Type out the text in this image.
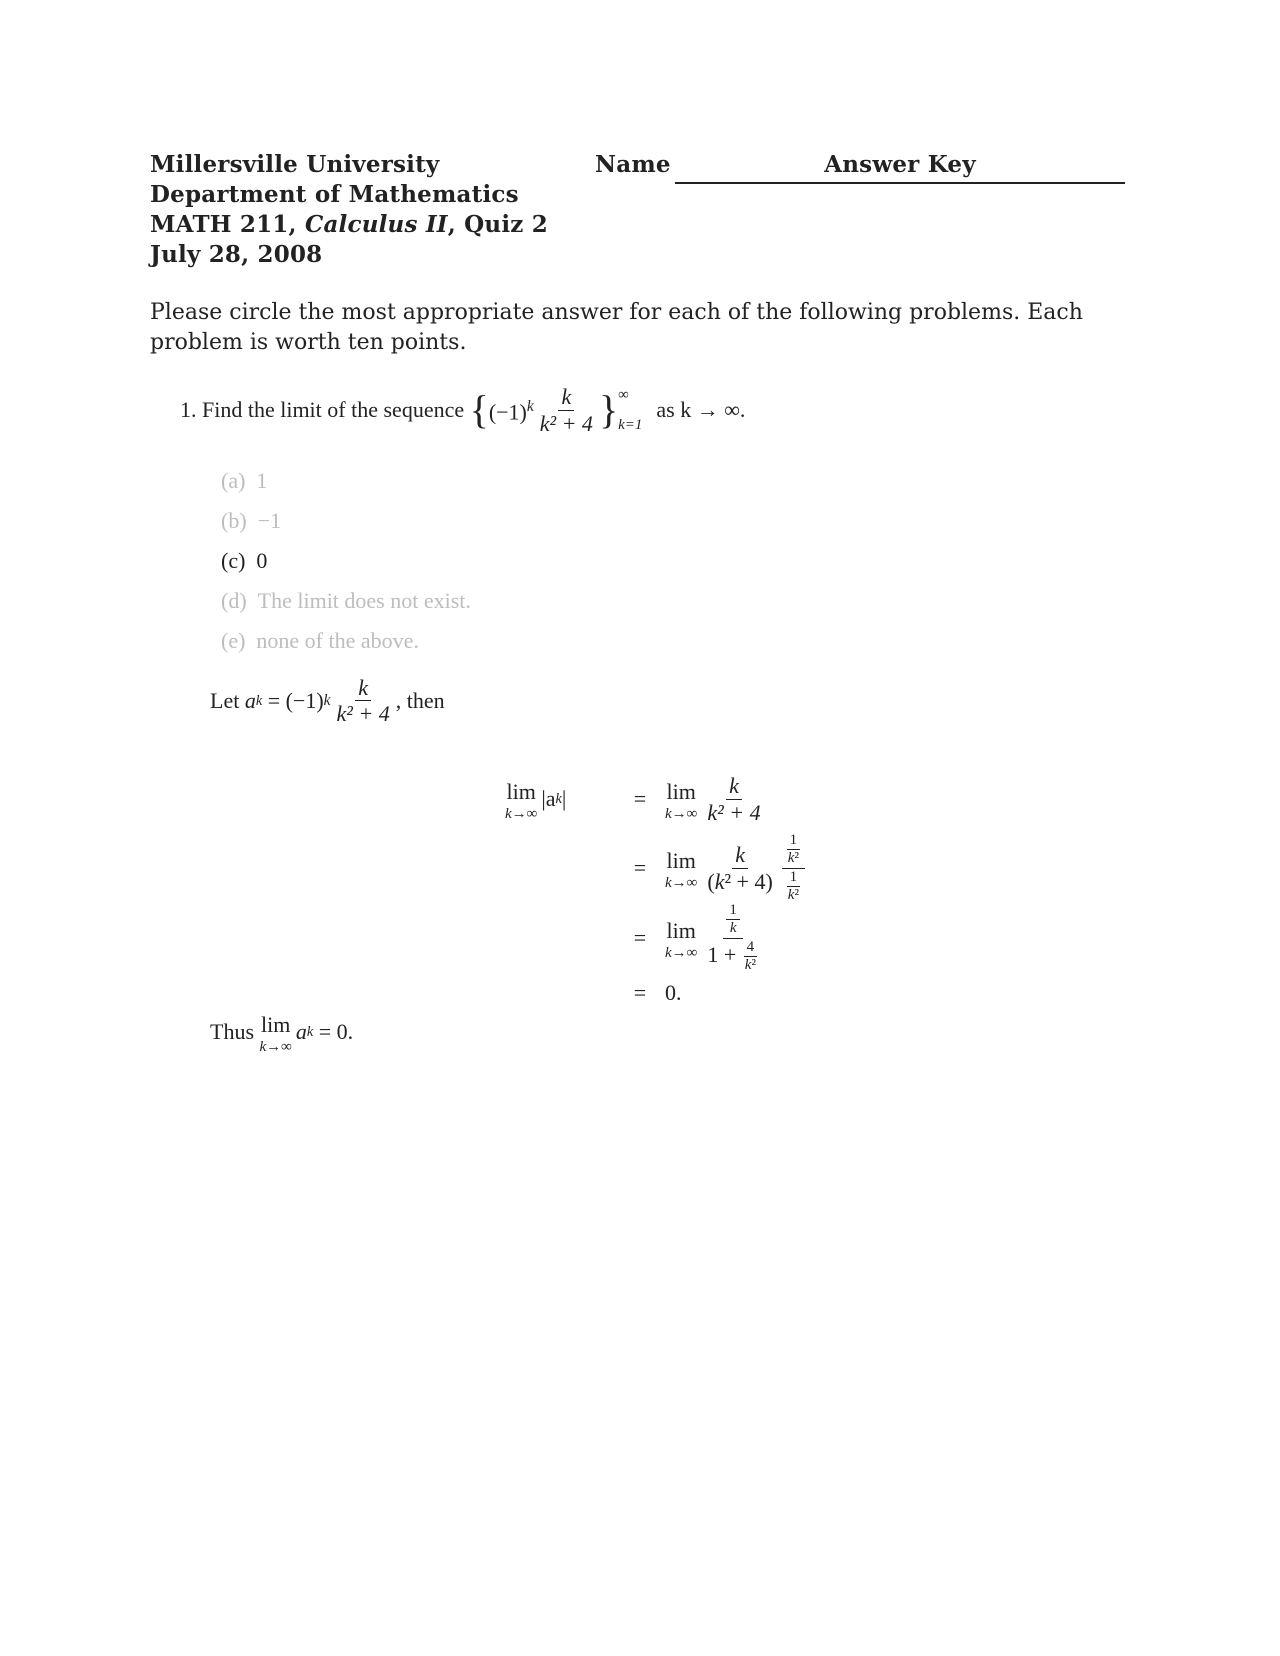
Millersville University
Department of Mathematics
MATH 211, Calculus II, Quiz 2
July 28, 2008
Name	Answer Key
Please circle the most appropriate answer for each of the following problems. Each problem is worth ten points.
1.
Find the limit of the sequence
{ $(-1)^k \frac{k}{\text{k² + 4}}$ } ∞
k=1
as k → ∞.
(a) 1
(b) −1
(c) 0
(d) The limit does not exist.
(e) none of the above.
Let
a k = (−1) k $\frac{k}{\text{k² + 4}}$ , then
lim
k→∞
|a k |	= lim
$k\to\infty \frac{k}{\text{k² + 4}}$
= lim
$k\to\infty \frac{k}{\text{(k² + 4)}} \frac{\frac{1}{\text{k²}}}{\frac{1}{\text{k²}}}$
= lim
$k\to\infty \frac{\frac{1}{k}}{1 + \frac{4}{\text{k²}}}$
= 0.
Thus
lim
k→∞
a k
= 0.
